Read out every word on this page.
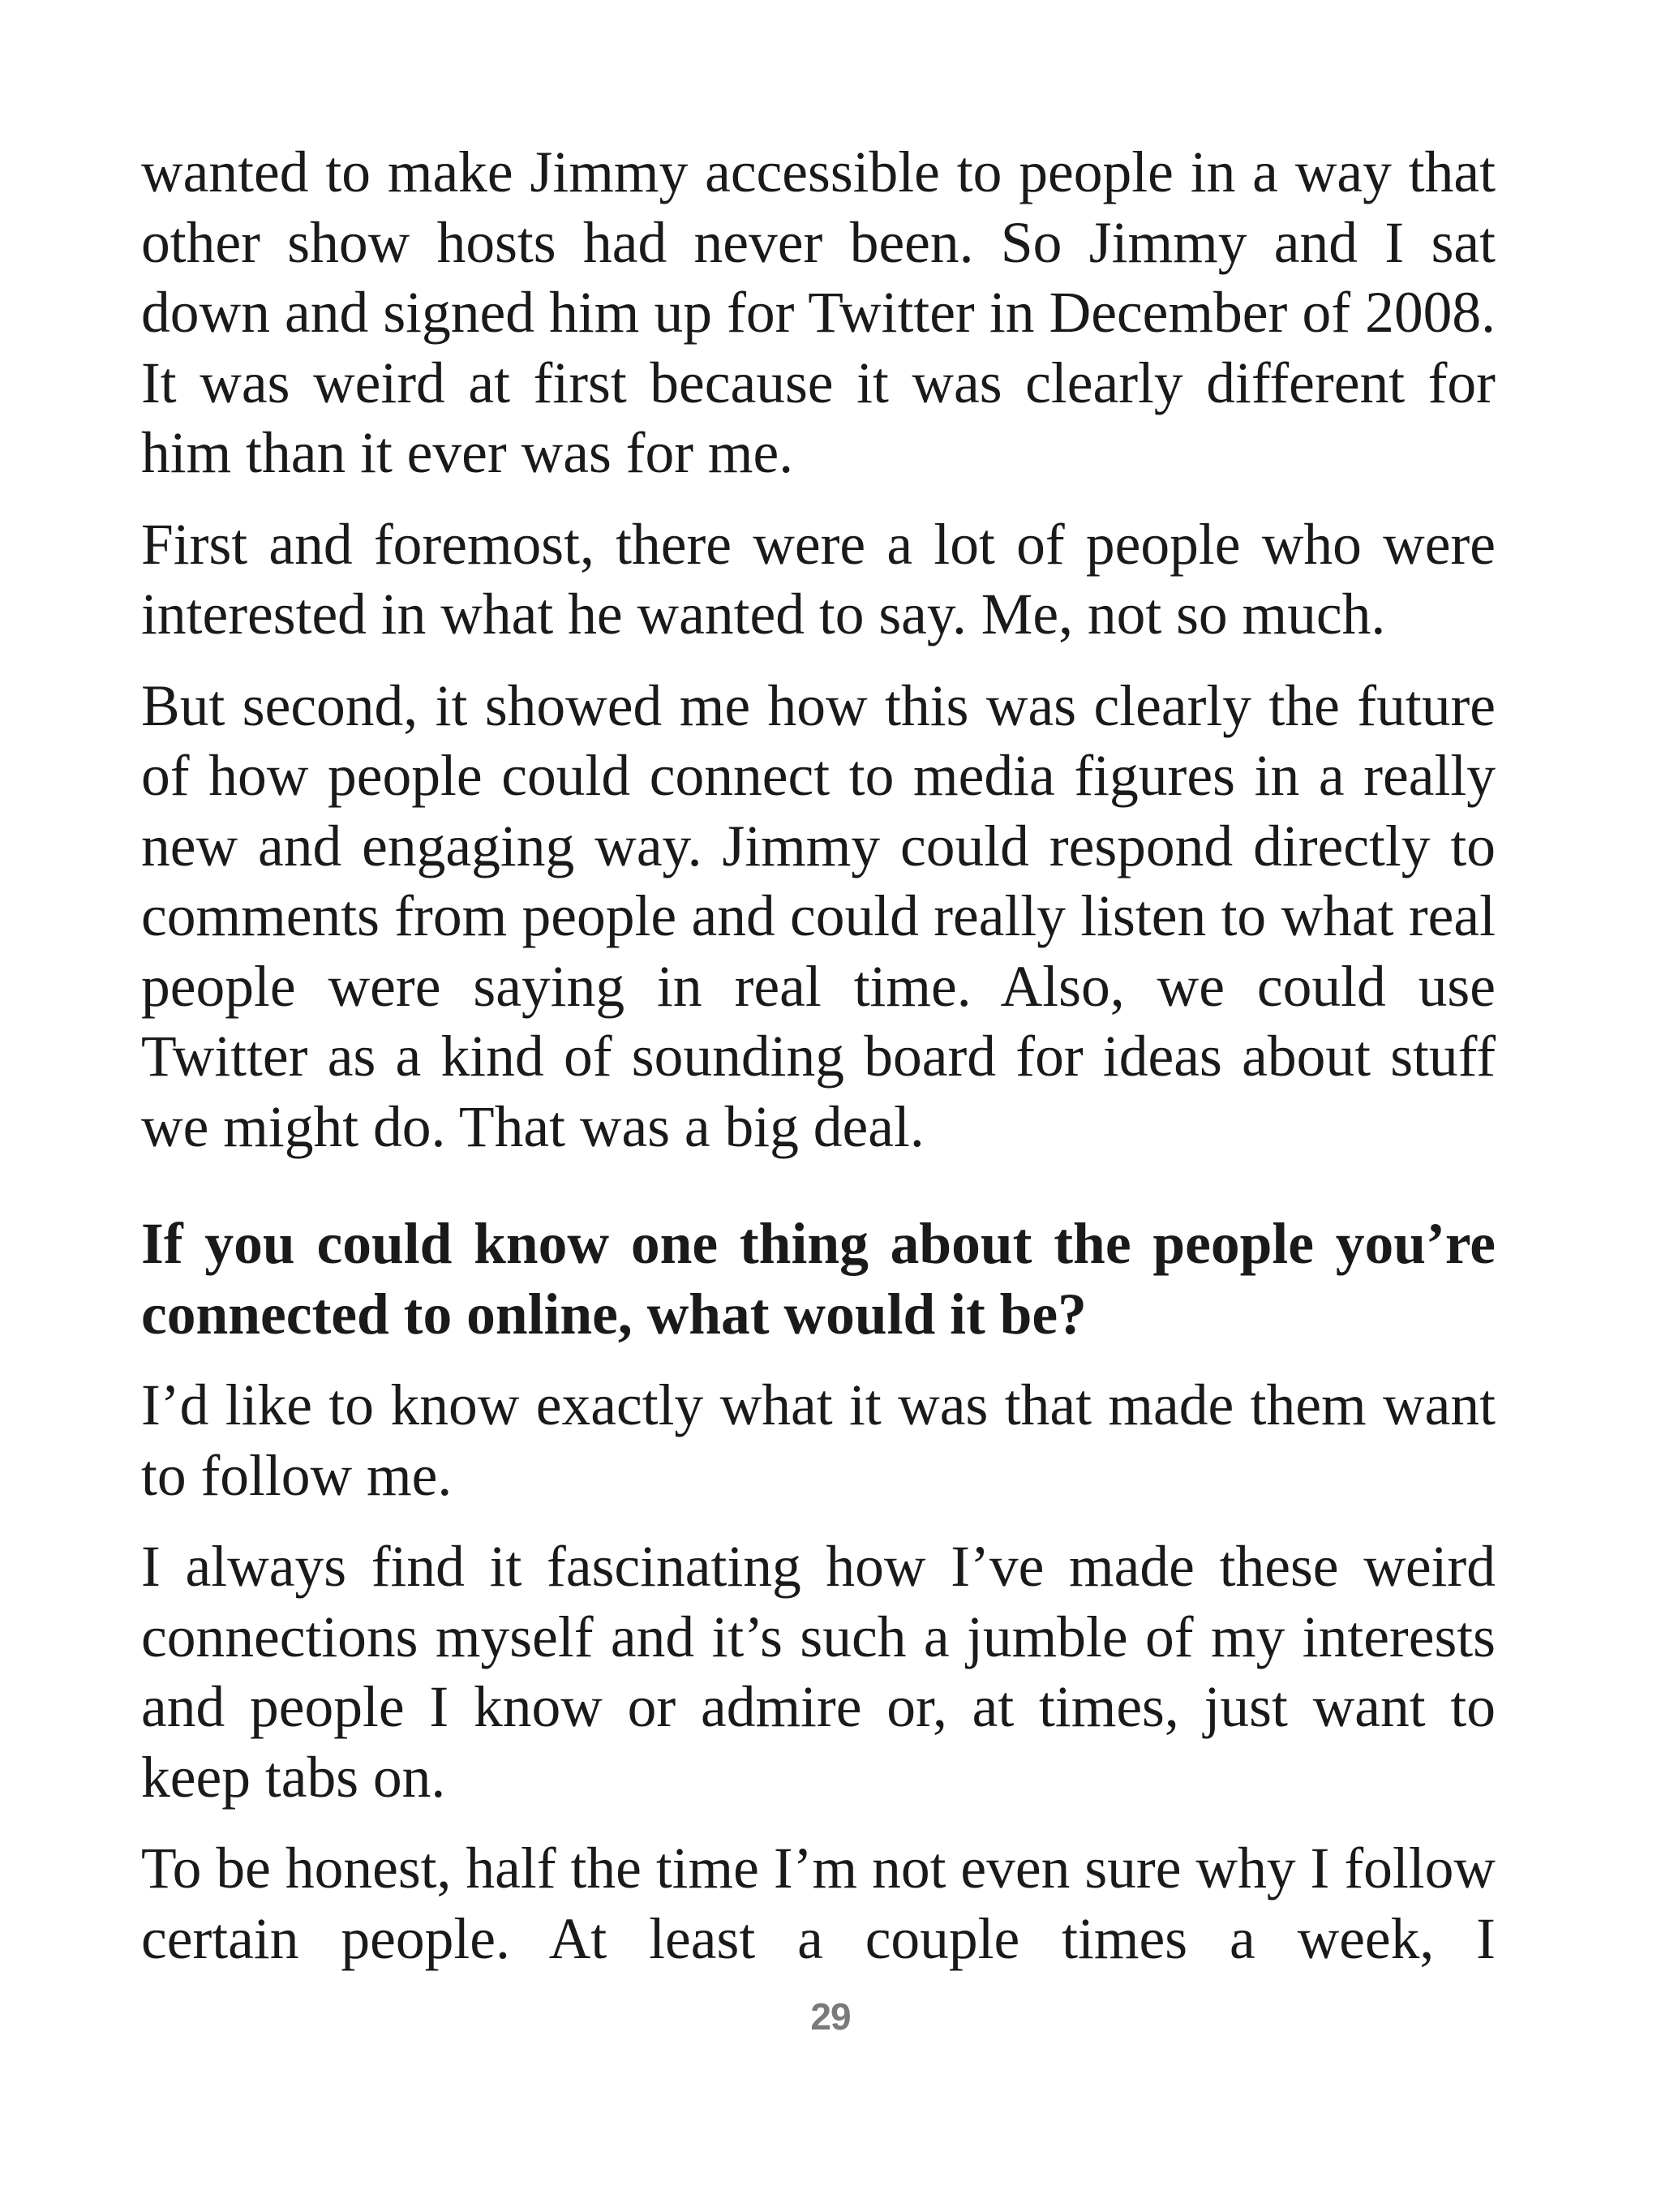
wanted to make Jimmy accessible to people in a way that other show hosts had never been. So Jimmy and I sat down and signed him up for Twitter in December of 2008. It was weird at first because it was clearly different for him than it ever was for me.

First and foremost, there were a lot of people who were interested in what he wanted to say. Me, not so much.

But second, it showed me how this was clearly the future of how people could connect to media figures in a really new and engaging way. Jimmy could respond directly to comments from people and could really listen to what real people were saying in real time. Also, we could use Twitter as a kind of sounding board for ideas about stuff we might do. That was a big deal.

If you could know one thing about the people you’re connected to online, what would it be?

I’d like to know exactly what it was that made them want to follow me.

I always find it fascinating how I’ve made these weird connections myself and it’s such a jumble of my interests and people I know or admire or, at times, just want to keep tabs on.

To be honest, half the time I’m not even sure why I follow certain people. At least a couple times a week, I

29
